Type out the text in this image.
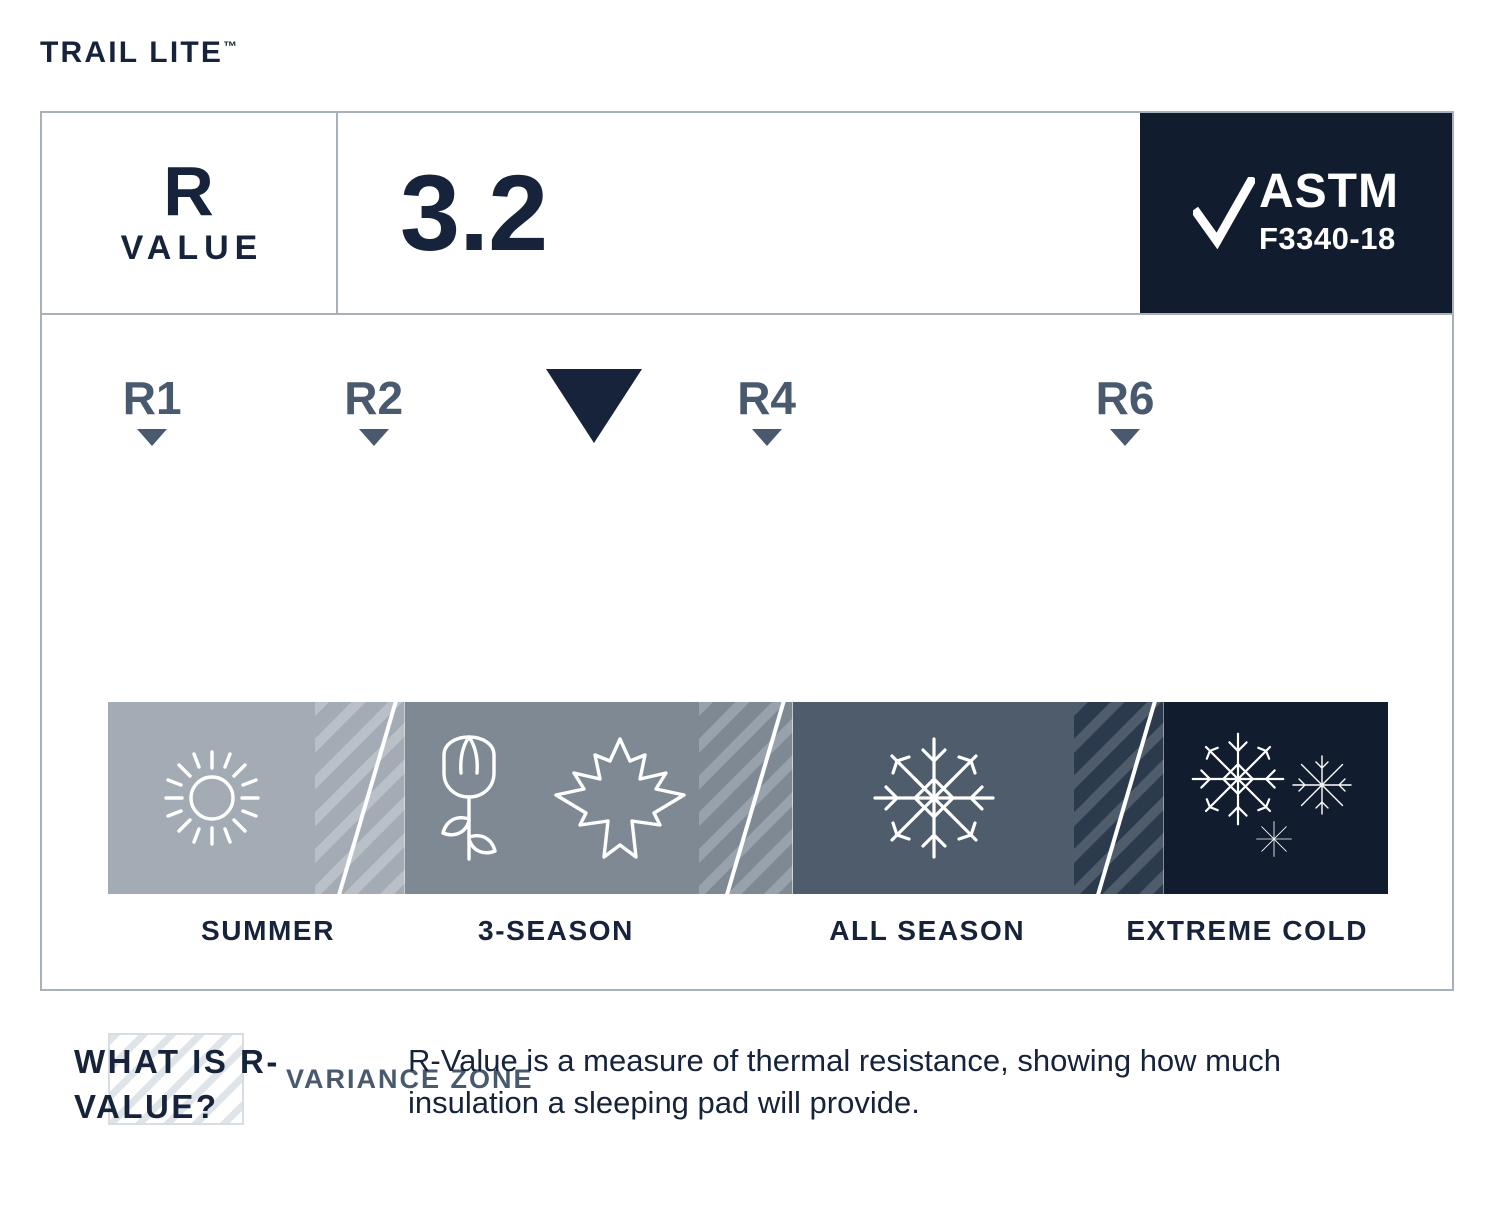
TRAIL LITE™
R
VALUE 3.2	ASTM
F3340-18
R1	R2	R4	R6
SUMMER	3-SEASON	ALL SEASON	EXTREME COLD
VARIANCE ZONE
WHAT IS R-VALUE?
R-Value is a measure of thermal resistance, showing how much insulation a sleeping pad will provide.
